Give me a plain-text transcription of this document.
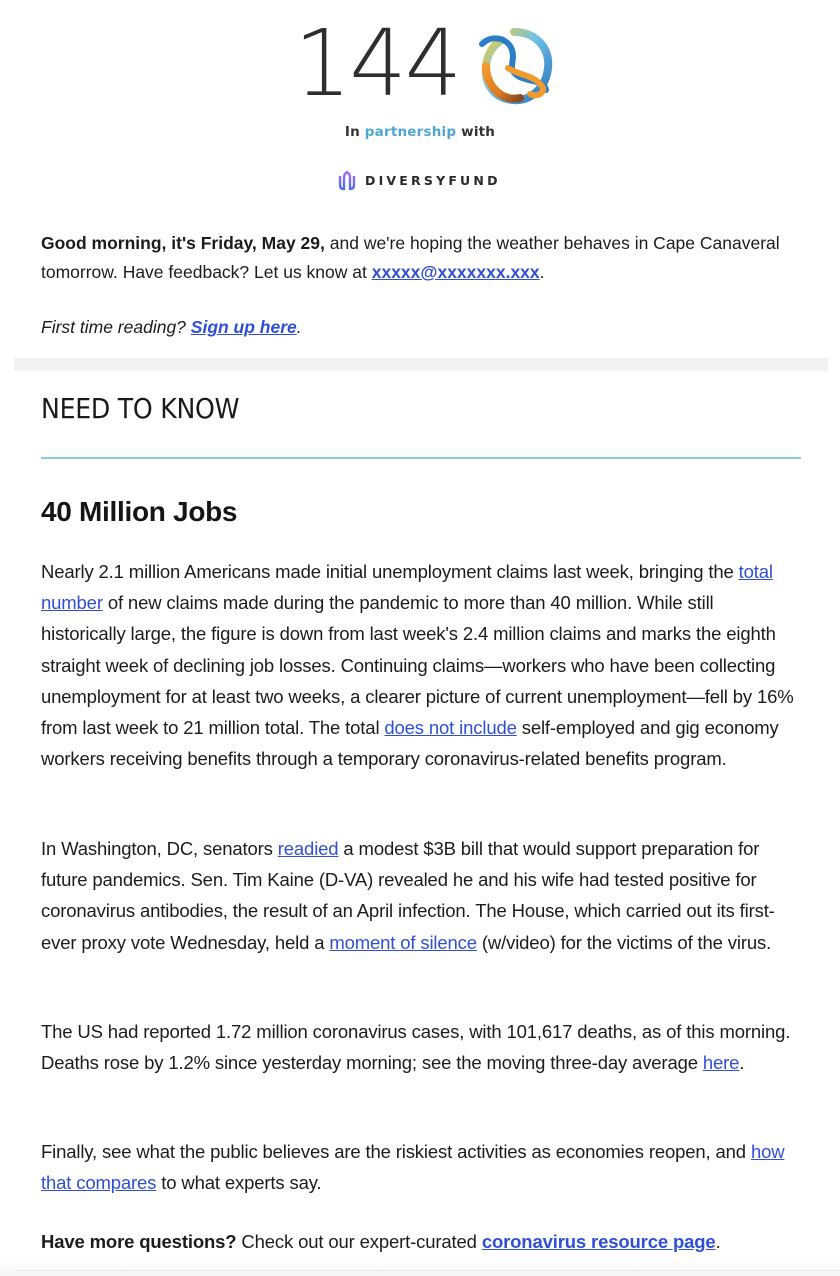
144
In partnership with
DIVERSYFUND

Good morning, it's Friday, May 29, and we're hoping the weather behaves in Cape Canaveral tomorrow. Have feedback? Let us know at xxxxx@xxxxxxx.xxx.

First time reading? Sign up here.

NEED TO KNOW
40 Million Jobs

Nearly 2.1 million Americans made initial unemployment claims last week, bringing the total number of new claims made during the pandemic to more than 40 million. While still historically large, the figure is down from last week's 2.4 million claims and marks the eighth straight week of declining job losses. Continuing claims—workers who have been collecting unemployment for at least two weeks, a clearer picture of current unemployment—fell by 16% from last week to 21 million total. The total does not include self-employed and gig economy workers receiving benefits through a temporary coronavirus-related benefits program.

In Washington, DC, senators readied a modest $3B bill that would support preparation for future pandemics. Sen. Tim Kaine (D-VA) revealed he and his wife had tested positive for coronavirus antibodies, the result of an April infection. The House, which carried out its first-ever proxy vote Wednesday, held a moment of silence (w/video) for the victims of the virus.

The US had reported 1.72 million coronavirus cases, with 101,617 deaths, as of this morning. Deaths rose by 1.2% since yesterday morning; see the moving three-day average here.

Finally, see what the public believes are the riskiest activities as economies reopen, and how that compares to what experts say.

Have more questions? Check out our expert-curated coronavirus resource page.
